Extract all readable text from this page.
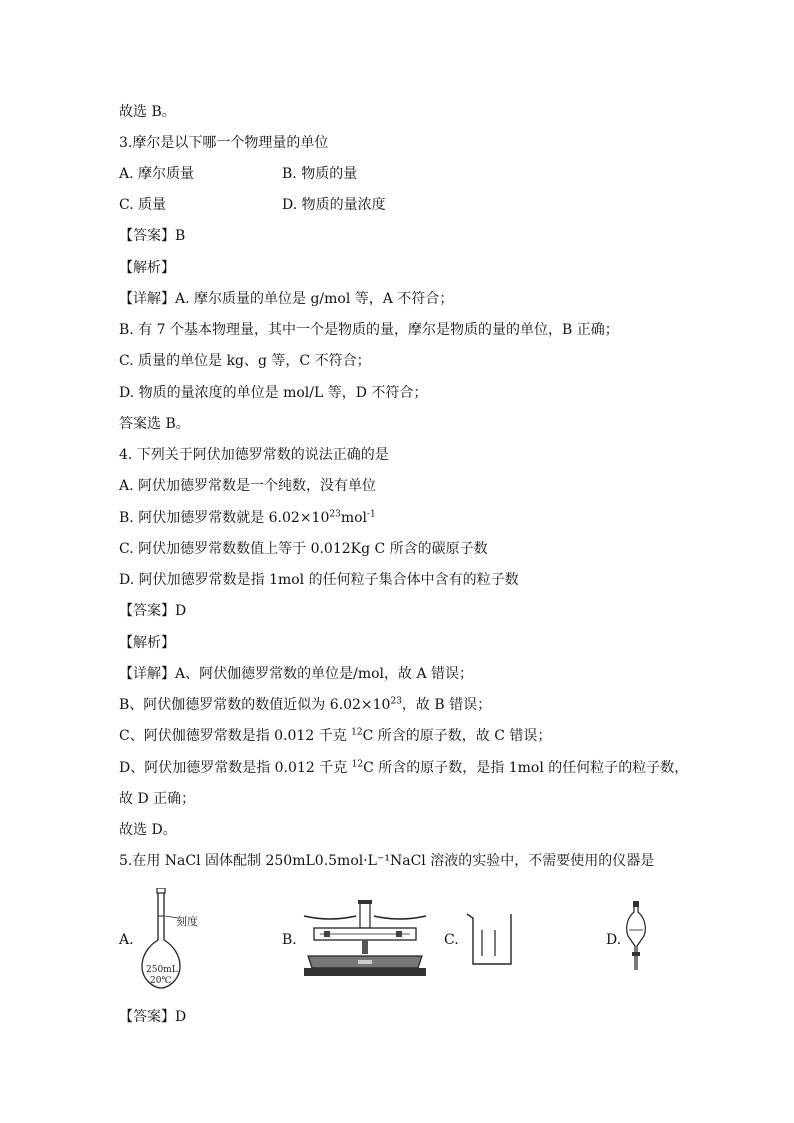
故选 B。
3.摩尔是以下哪一个物理量的单位
A. 摩尔质量	B. 物质的量
C. 质量	D. 物质的量浓度
【答案】B
【解析】
【详解】A. 摩尔质量的单位是 g/mol 等，A 不符合；
B. 有 7 个基本物理量，其中一个是物质的量，摩尔是物质的量的单位，B 正确；
C. 质量的单位是 kg、g 等，C 不符合；
D. 物质的量浓度的单位是 mol/L 等，D 不符合；
答案选 B。
4. 下列关于阿伏加德罗常数的说法正确的是
A. 阿伏加德罗常数是一个纯数，没有单位
B. 阿伏加德罗常数就是 $6.02\times 10^{23}mol^{-1}$
C. 阿伏加德罗常数数值上等于 0.012Kg C 所含的碳原子数
D. 阿伏加德罗常数是指 1mol 的任何粒子集合体中含有的粒子数
【答案】D
【解析】
【详解】A、阿伏伽德罗常数的单位是/mol，故 A 错误；
B、阿伏伽德罗常数的数值近似为 $6.02\times 10^{23}$，故 B 错误；
C、阿伏伽德罗常数是指 0.012 千克 $^{12}$C 所含的原子数，故 C 错误；
D、阿伏加德罗常数是指 0.012 千克 $^{12}$C 所含的原子数，是指 1mol 的任何粒子的粒子数，
故 D 正确；
故选 D。
5.在用 NaCl 固体配制 250mL0.5mol·L⁻¹NaCl 溶液的实验中，不需要使用的仪器是
A.
刻度
250mL
20℃
B.	C.	D.
【答案】D
